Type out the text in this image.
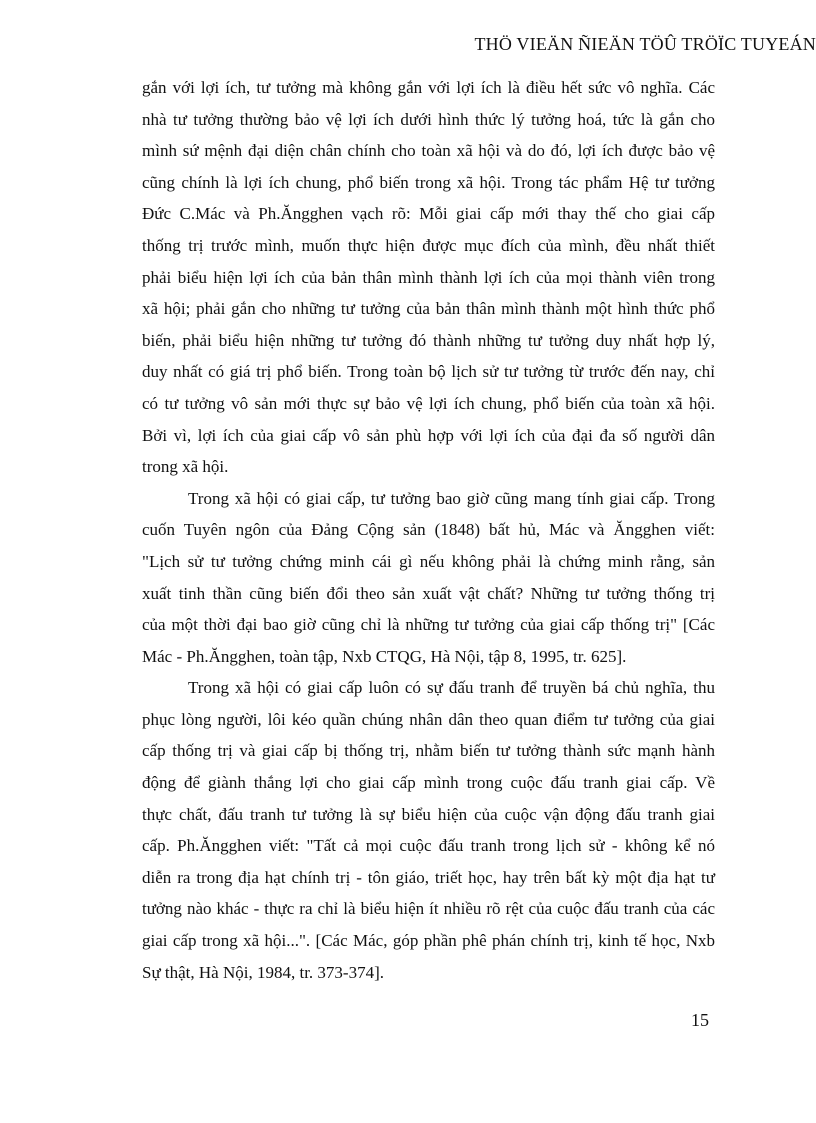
THÖ VIEÄN ÑIEÄN TÖÛ TRÖÏC TUYEÁN
gắn với lợi ích, tư tưởng mà không gắn với lợi ích là điều hết sức vô nghĩa. Các
nhà tư tưởng thường bảo vệ lợi ích dưới hình thức lý tưởng hoá, tức là gắn cho
mình sứ mệnh đại diện chân chính cho toàn xã hội và do đó, lợi ích được bảo vệ
cũng chính là lợi ích chung, phổ biến trong xã hội. Trong tác phẩm Hệ tư tưởng
Đức C.Mác và Ph.Ăngghen vạch rõ: Mỗi giai cấp mới thay thế cho giai cấp
thống trị trước mình, muốn thực hiện được mục đích của mình, đều nhất thiết
phải biểu hiện lợi ích của bản thân mình thành lợi ích của mọi thành viên trong
xã hội; phải gắn cho những tư tưởng của bản thân mình thành một hình thức phổ
biến, phải biểu hiện những tư tưởng đó thành những tư tưởng duy nhất hợp lý,
duy nhất có giá trị phổ biến. Trong toàn bộ lịch sử tư tưởng từ trước đến nay, chỉ
có tư tưởng vô sản mới thực sự bảo vệ lợi ích chung, phổ biến của toàn xã hội.
Bởi vì, lợi ích của giai cấp vô sản phù hợp với lợi ích của đại đa số người dân
trong xã hội.
Trong xã hội có giai cấp, tư tưởng bao giờ cũng mang tính giai cấp. Trong
cuốn Tuyên ngôn của Đảng Cộng sản (1848) bất hủ, Mác và Ăngghen viết:
"Lịch sử tư tưởng chứng minh cái gì nếu không phải là chứng minh rằng, sản
xuất tinh thần cũng biến đổi theo sản xuất vật chất? Những tư tưởng thống trị
của một thời đại bao giờ cũng chỉ là những tư tưởng của giai cấp thống trị" [Các
Mác - Ph.Ăngghen, toàn tập, Nxb CTQG, Hà Nội, tập 8, 1995, tr. 625].
Trong xã hội có giai cấp luôn có sự đấu tranh để truyền bá chủ nghĩa, thu
phục lòng người, lôi kéo quần chúng nhân dân theo quan điểm tư tưởng của giai
cấp thống trị và giai cấp bị thống trị, nhằm biến tư tưởng thành sức mạnh hành
động để giành thắng lợi cho giai cấp mình trong cuộc đấu tranh giai cấp. Về
thực chất, đấu tranh tư tưởng là sự biểu hiện của cuộc vận động đấu tranh giai
cấp. Ph.Ăngghen viết: "Tất cả mọi cuộc đấu tranh trong lịch sử - không kể nó
diễn ra trong địa hạt chính trị - tôn giáo, triết học, hay trên bất kỳ một địa hạt tư
tưởng nào khác - thực ra chỉ là biểu hiện ít nhiều rõ rệt của cuộc đấu tranh của các
giai cấp trong xã hội...". [Các Mác, góp phần phê phán chính trị, kinh tế học, Nxb
Sự thật, Hà Nội, 1984, tr. 373-374].
15
